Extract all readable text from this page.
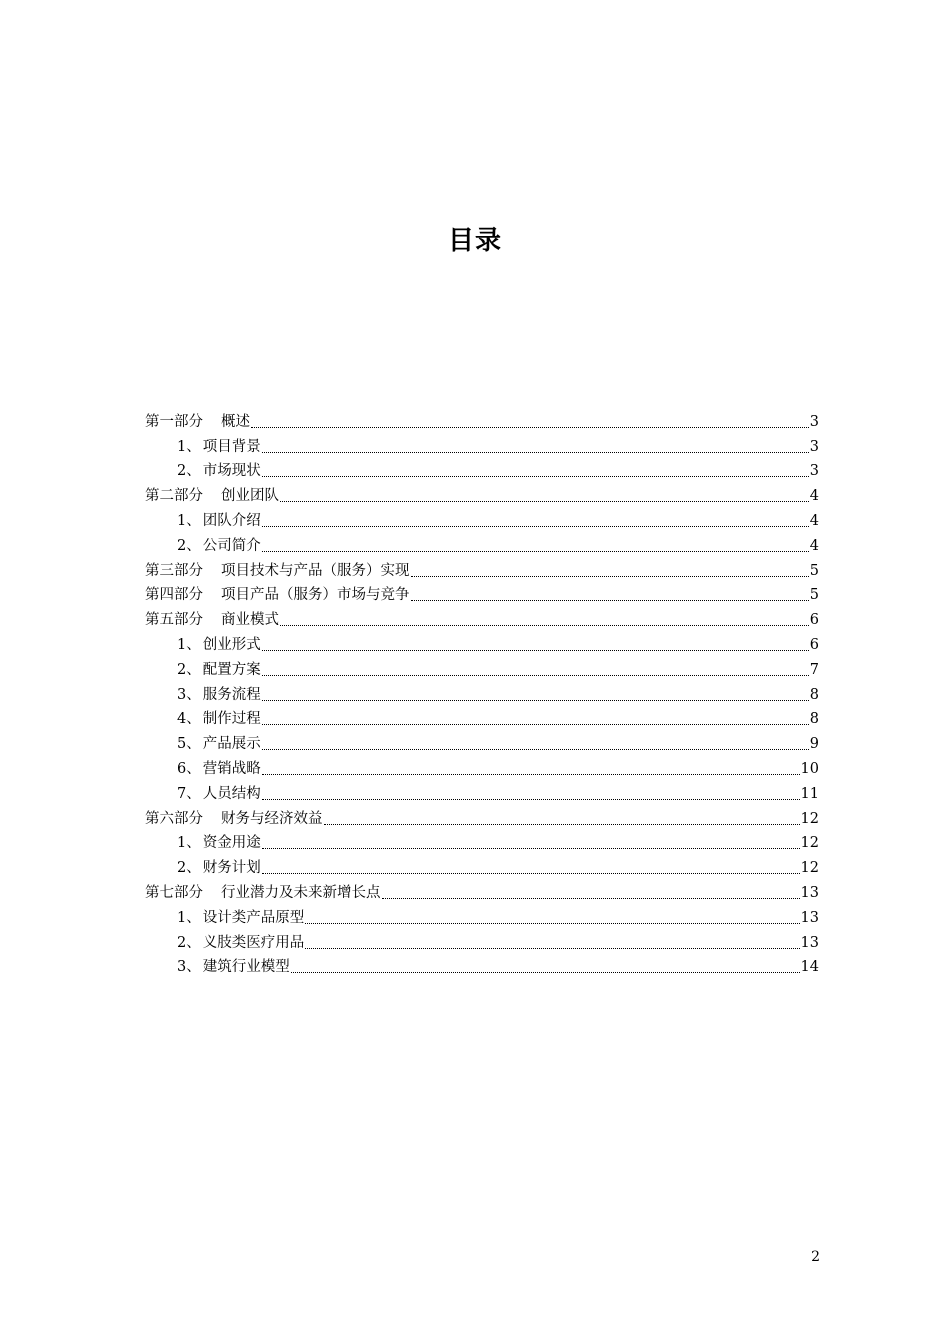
目录
第一部分 概述	3
1、 项目背景	3
2、 市场现状	3
第二部分 创业团队	4
1、 团队介绍	4
2、 公司简介	4
第三部分 项目技术与产品（服务）实现	5
第四部分 项目产品（服务）市场与竞争	5
第五部分 商业模式	6
1、 创业形式	6
2、 配置方案	7
3、 服务流程	8
4、 制作过程	8
5、 产品展示	9
6、 营销战略	10
7、 人员结构	11
第六部分 财务与经济效益	12
1、 资金用途	12
2、 财务计划	12
第七部分 行业潜力及未来新增长点	13
1、 设计类产品原型	13
2、 义肢类医疗用品	13
3、 建筑行业模型	14
2
